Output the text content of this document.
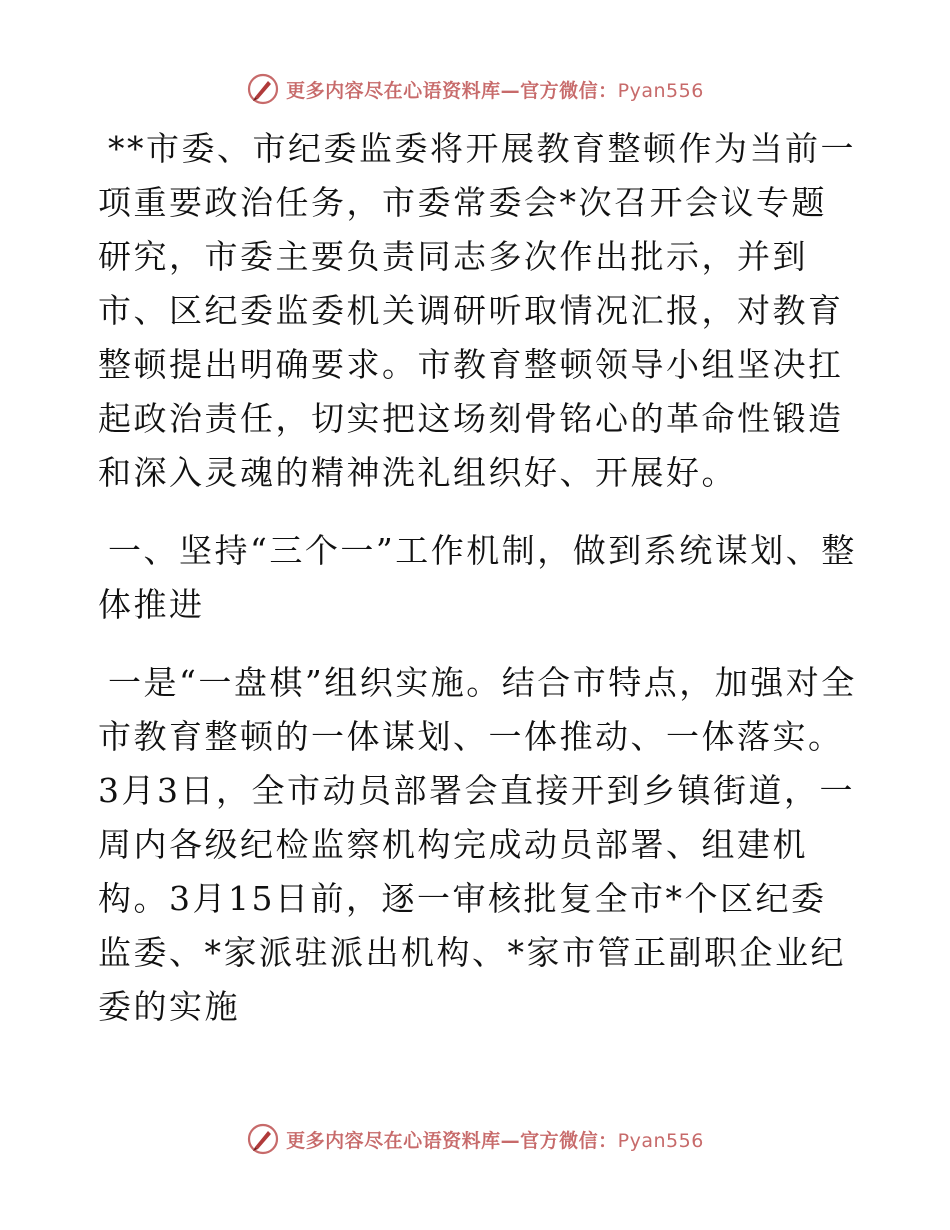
更多内容尽在心语资料库—官方微信：Pyan556

**市委、市纪委监委将开展教育整顿作为当前一项重要政治任务，市委常委会*次召开会议专题研究，市委主要负责同志多次作出批示，并到市、区纪委监委机关调研听取情况汇报，对教育整顿提出明确要求。市教育整顿领导小组坚决扛起政治责任，切实把这场刻骨铭心的革命性锻造和深入灵魂的精神洗礼组织好、开展好。

一、坚持“三个一”工作机制，做到系统谋划、整体推进

一是“一盘棋”组织实施。结合市特点，加强对全市教育整顿的一体谋划、一体推动、一体落实。3月3日，全市动员部署会直接开到乡镇街道，一周内各级纪检监察机构完成动员部署、组建机构。3月15日前，逐一审核批复全市*个区纪委监委、*家派驻派出机构、*家市管正副职企业纪委的实施

更多内容尽在心语资料库—官方微信：Pyan556
